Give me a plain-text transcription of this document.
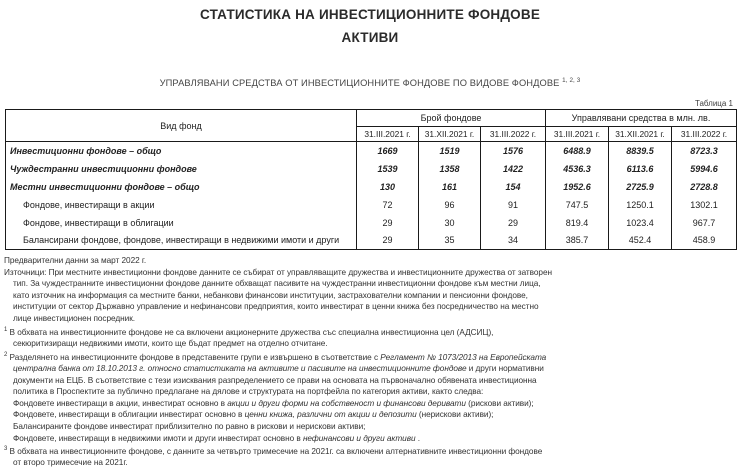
СТАТИСТИКА НА ИНВЕСТИЦИОННИТЕ ФОНДОВЕ
АКТИВИ
УПРАВЛЯВАНИ СРЕДСТВА ОТ ИНВЕСТИЦИОННИТЕ ФОНДОВЕ ПО ВИДОВЕ ФОНДОВЕ $^{1, 2, 3}$
Таблица 1
Вид фонд	Брой фондове			Управлявани средства в млн. лв.		
	31.III.2021 г.	31.XII.2021 г.	31.III.2022 г.	31.III.2021 г.	31.XII.2021 г.	31.III.2022 г.
Инвестиционни фондове – общо	1669	1519	1576	6488.9	8839.5	8723.3
Чуждестранни инвестиционни фондове	1539	1358	1422	4536.3	6113.6	5994.6
Местни инвестиционни фондове – общо	130	161	154	1952.6	2725.9	2728.8
Фондове, инвестиращи в акции	72	96	91	747.5	1250.1	1302.1
Фондове, инвестиращи в облигации	29	30	29	819.4	1023.4	967.7
Балансирани фондове, фондове, инвестиращи в недвижими имоти и други	29	35	34	385.7	452.4	458.9
Предварителни данни за март 2022 г.
Източници: При местните инвестиционни фондове данните се събират от управляващите дружества и инвестиционните дружества от затворен
тип. За чуждестранните инвестиционни фондове данните обхващат пасивите на чуждестранни инвестиционни фондове към местни лица,
като източник на информация са местните банки, небанкови финансови институции, застрахователни компании и пенсионни фондове,
институции от сектор Държавно управление и нефинансови предприятия, които инвестират в ценни книжа без посредничество на местно
лице инвестиционен посредник.
$^1$ В обхвата на инвестиционните фондове не са включени акционерните дружества със специална инвестиционна цел (АДСИЦ),
секюритизиращи недвижими имоти, които ще бъдат предмет на отделно отчитане.
$^2$ Разделянето на инвестиционните фондове в представените групи е извършено в съответствие с Регламент № 1073/2013 на Европейската
централна банка от 18.10.2013 г. относно статистиката на активите и пасивите на инвестиционните фондове и други нормативни
документи на ЕЦБ. В съответствие с тези изисквания разпределението се прави на основата на първоначално обявената инвестиционна
политика в Проспектите за публично предлагане на дялове и структурата на портфейла по категория активи, както следва:
Фондовете инвестиращи в акции, инвестират основно в акции и други форми на собственост и финансови деривати (рискови активи);
Фондовете, инвестиращи в облигации инвестират основно в ценни книжа, различни от акции и депозити (нерискови активи);
Балансираните фондове инвестират приблизително по равно в рискови и нерискови активи;
Фондовете, инвестиращи в недвижими имоти и други инвестират основно в нефинансови и други активи .
$^3$ В обхвата на инвестиционните фондове, с данните за четвърто тримесечие на 2021г. са включени алтернативните инвестиционни фондове
от второ тримесечие на 2021г.
